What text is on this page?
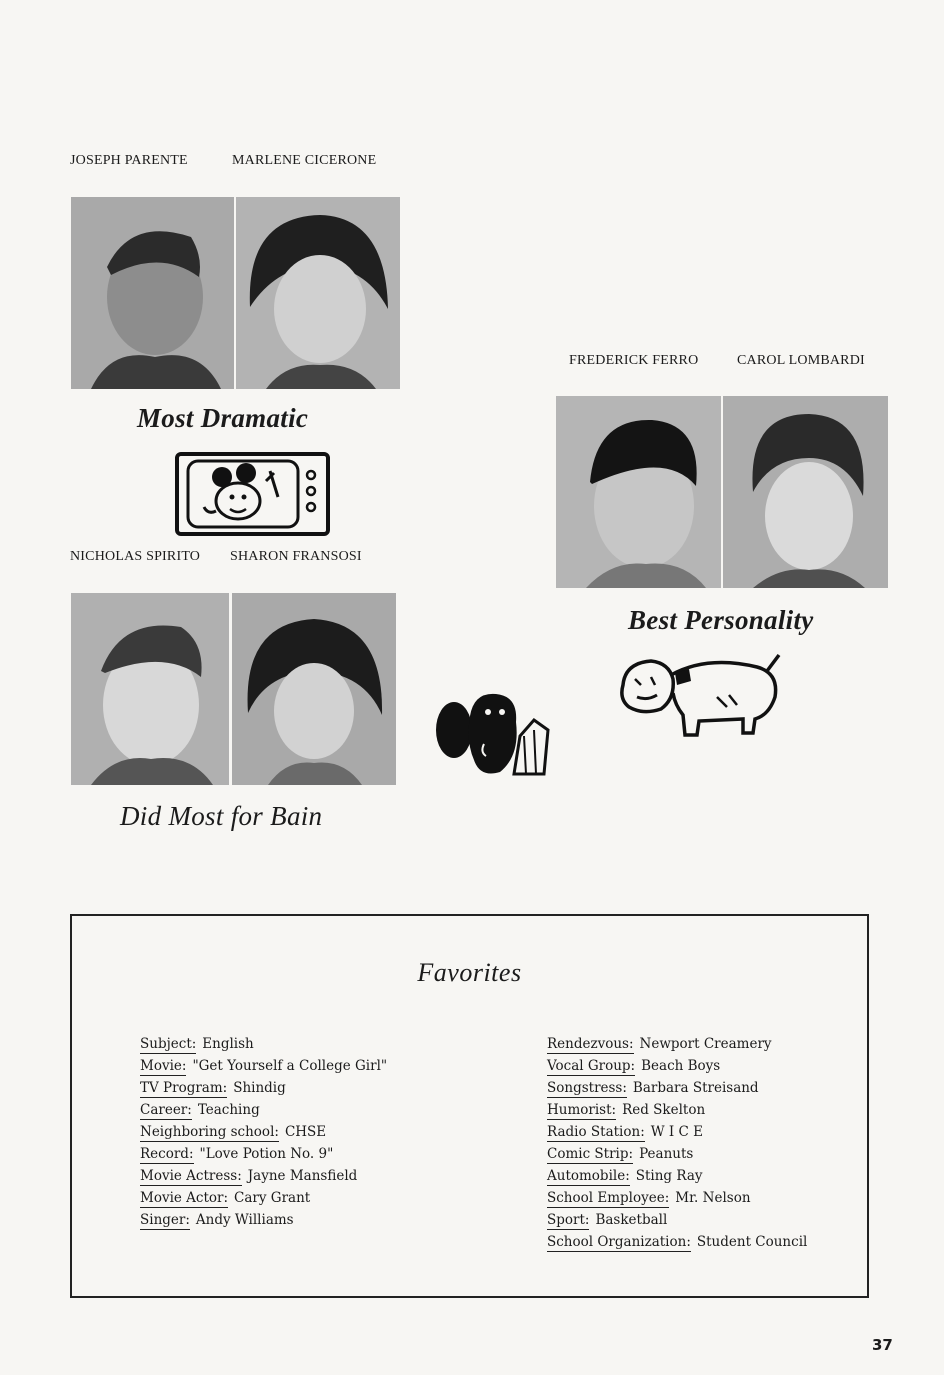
JOSEPH PARENTE	MARLENE CICERONE
Most Dramatic
NICHOLAS SPIRITO SHARON FRANSOSI
Did Most for Bain
FREDERICK FERRO	CAROL LOMBARDI
Best Personality
Favorites
Subject: English
Movie: "Get Yourself a College Girl"
TV Program: Shindig
Career: Teaching
Neighboring school: CHSE
Record: "Love Potion No. 9"
Movie Actress: Jayne Mansfield
Movie Actor: Cary Grant
Singer: Andy Williams
Rendezvous: Newport Creamery
Vocal Group: Beach Boys
Songstress: Barbara Streisand
Humorist: Red Skelton
Radio Station: W I C E
Comic Strip: Peanuts
Automobile: Sting Ray
School Employee: Mr. Nelson
Sport: Basketball
School Organization: Student Council
37
